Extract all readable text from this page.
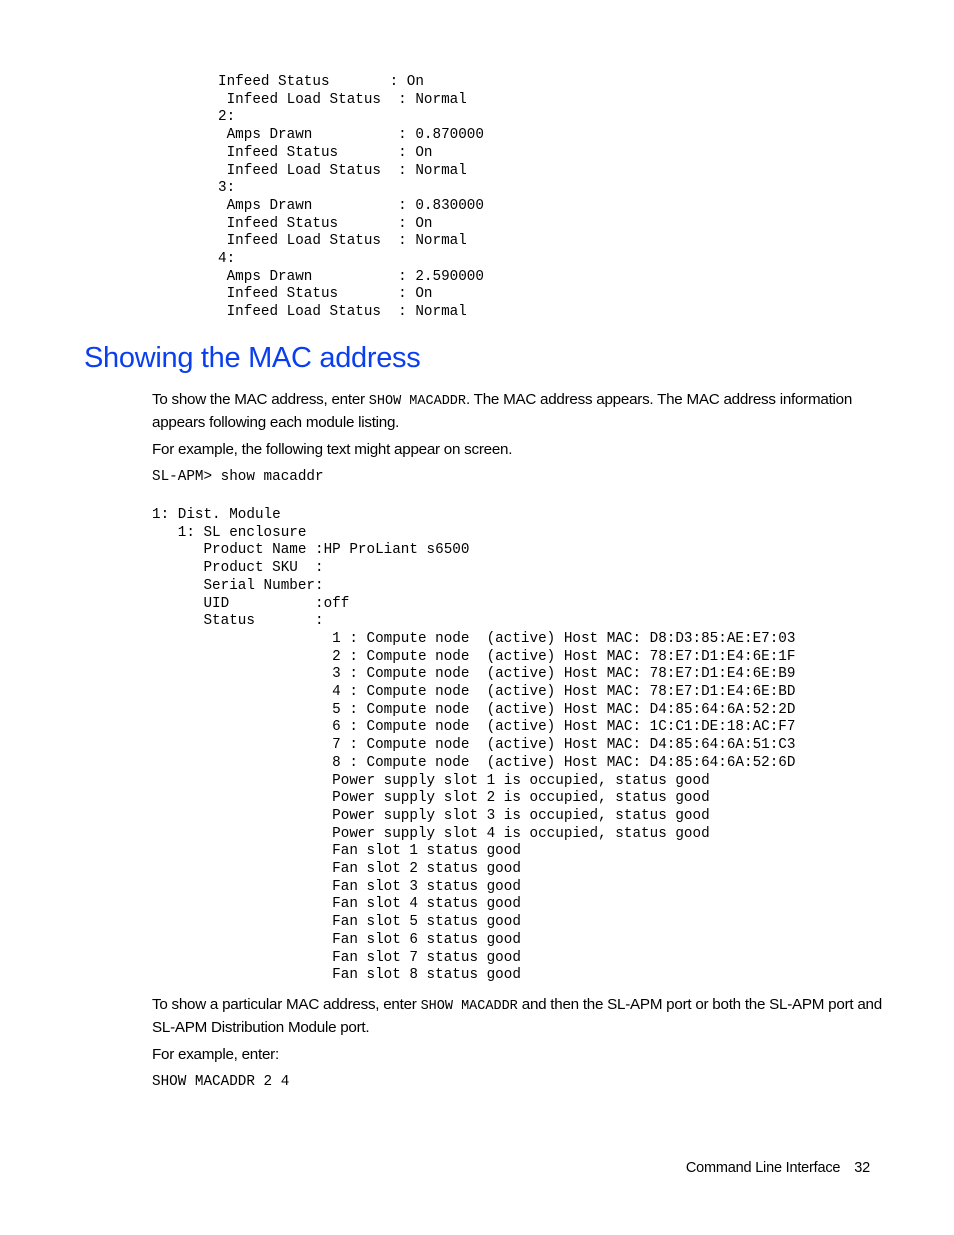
Infeed Status       : On
Infeed Load Status  : Normal
2:
Amps Drawn          : 0.870000
Infeed Status       : On
Infeed Load Status  : Normal
3:
Amps Drawn          : 0.830000
Infeed Status       : On
Infeed Load Status  : Normal
4:
Amps Drawn          : 2.590000
Infeed Status       : On
Infeed Load Status  : Normal
Showing the MAC address

To show the MAC address, enter SHOW MACADDR. The MAC address appears. The MAC address information appears following each module listing.

For example, the following text might appear on screen.

SL-APM> show macaddr
1: Dist. Module
1: SL enclosure
Product Name :HP ProLiant s6500
Product SKU  :
Serial Number:
UID          :off
Status       :
1 : Compute node  (active) Host MAC: D8:D3:85:AE:E7:03
2 : Compute node  (active) Host MAC: 78:E7:D1:E4:6E:1F
3 : Compute node  (active) Host MAC: 78:E7:D1:E4:6E:B9
4 : Compute node  (active) Host MAC: 78:E7:D1:E4:6E:BD
5 : Compute node  (active) Host MAC: D4:85:64:6A:52:2D
6 : Compute node  (active) Host MAC: 1C:C1:DE:18:AC:F7
7 : Compute node  (active) Host MAC: D4:85:64:6A:51:C3
8 : Compute node  (active) Host MAC: D4:85:64:6A:52:6D
Power supply slot 1 is occupied, status good
Power supply slot 2 is occupied, status good
Power supply slot 3 is occupied, status good
Power supply slot 4 is occupied, status good
Fan slot 1 status good
Fan slot 2 status good
Fan slot 3 status good
Fan slot 4 status good
Fan slot 5 status good
Fan slot 6 status good
Fan slot 7 status good
Fan slot 8 status good

To show a particular MAC address, enter SHOW MACADDR and then the SL-APM port or both the SL-APM port and SL-APM Distribution Module port.

For example, enter:

SHOW MACADDR 2 4
Command Line Interface 32
